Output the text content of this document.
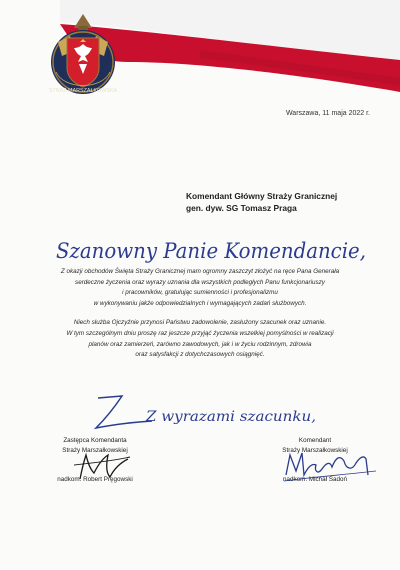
STRAŻ MARSZAŁKOWSKA
Warszawa, 11 maja 2022 r.
Komendant Główny Straży Granicznej
gen. dyw. SG Tomasz Praga
Szanowny Panie Komendancie,

Z okazji obchodów Święta Straży Granicznej mam ogromny zaszczyt złożyć na ręce Pana Generała
serdeczne życzenia oraz wyrazy uznania dla wszystkich podległych Panu funkcjonariuszy
i pracowników, gratulując sumienności i profesjonalizmu
w wykonywaniu jakże odpowiedzialnych i wymagających zadań służbowych.

Niech służba Ojczyźnie przynosi Państwu zadowolenie, zasłużony szacunek oraz uznanie.
W tym szczególnym dniu proszę raz jeszcze przyjąć życzenia wszelkiej pomyślności w realizacji
planów oraz zamierzeń, zarówno zawodowych, jak i w życiu rodzinnym, zdrowia
oraz satysfakcji z dotychczasowych osiągnięć.

Z wyrazami szacunku,
Zastępca Komendanta
Straży Marszałkowskiej
nadkom. Robert Pręgowski
Komendant
Straży Marszałkowskiej
nadkom. Michał Sadoń
